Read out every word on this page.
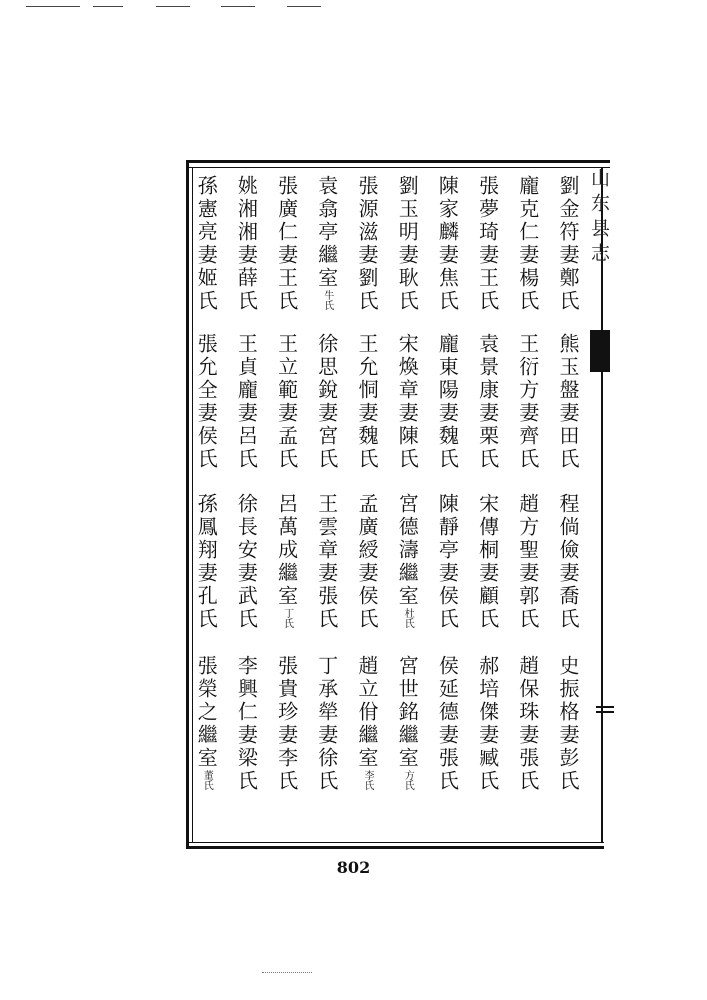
山东县志
劉金符妻鄭氏
熊玉盤妻田氏
程倘儉妻喬氏
史振格妻彭氏
龐克仁妻楊氏
王衍方妻齊氏
趙方聖妻郭氏
趙保珠妻張氏
張夢琦妻王氏
袁景康妻栗氏
宋傳桐妻顧氏
郝培傑妻臧氏
陳家麟妻焦氏
龐東陽妻魏氏
陳靜亭妻侯氏
侯延德妻張氏
劉玉明妻耿氏
宋煥章妻陳氏
宮德濤繼室杜氏
宮世銘繼室方氏
張源滋妻劉氏
王允恫妻魏氏
孟廣綬妻侯氏
趙立佾繼室李氏
袁翕亭繼室牛氏
徐思銳妻宮氏
王雲章妻張氏
丁承犖妻徐氏
張廣仁妻王氏
王立範妻孟氏
呂萬成繼室丁氏
張貴珍妻李氏
姚湘湘妻薛氏
王貞龐妻呂氏
徐長安妻武氏
李興仁妻梁氏
孫憲亮妻姬氏
張允全妻侯氏
孫鳳翔妻孔氏
張榮之繼室董氏
802
